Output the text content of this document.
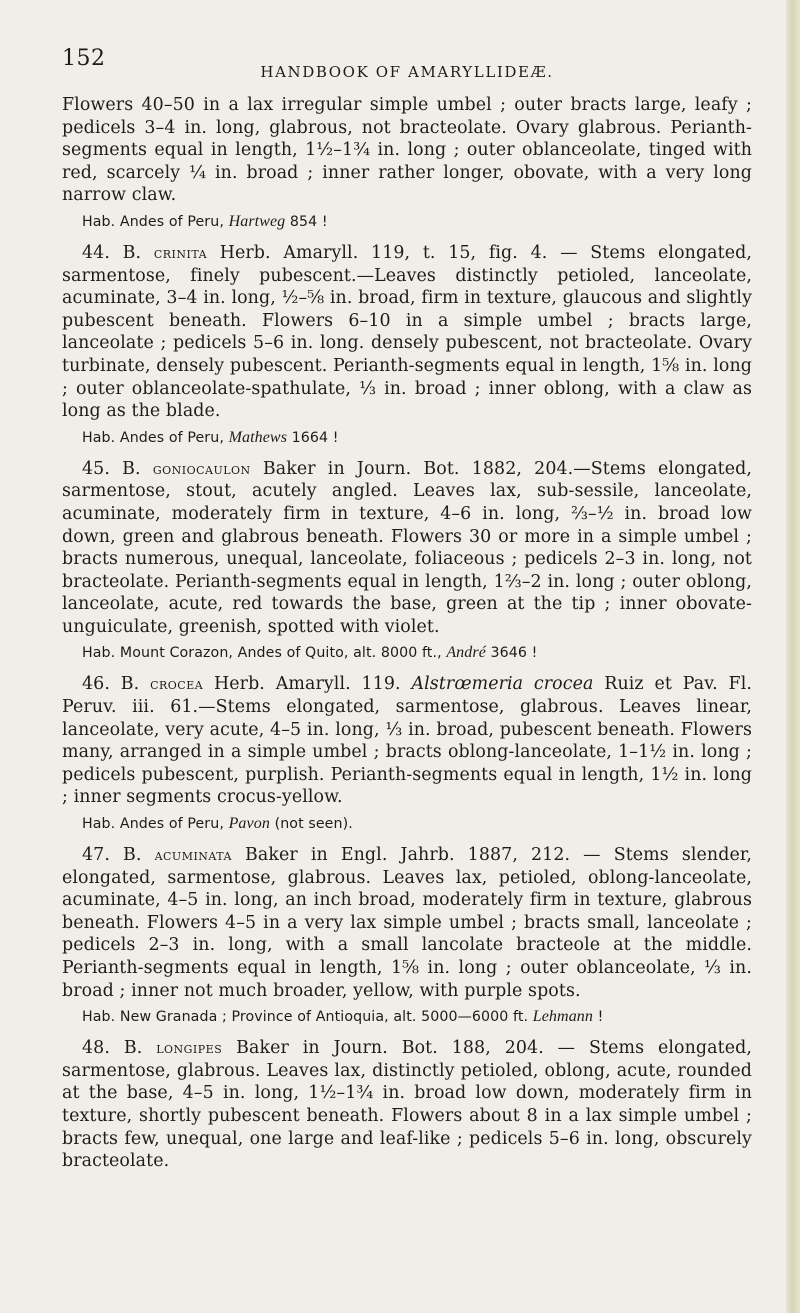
152
HANDBOOK OF AMARYLLIDEÆ.

Flowers 40–50 in a lax irregular simple umbel ; outer bracts large, leafy ; pedicels 3–4 in. long, glabrous, not bracteolate. Ovary glabrous. Perianth-segments equal in length, 1½–1¾ in. long ; outer oblanceolate, tinged with red, scarcely ¼ in. broad ; inner rather longer, obovate, with a very long narrow claw.

Hab. Andes of Peru, Hartweg 854 !

44. B. crinita Herb. Amaryll. 119, t. 15, fig. 4. — Stems elongated, sarmentose, finely pubescent.—Leaves distinctly petioled, lanceolate, acuminate, 3–4 in. long, ½–⅝ in. broad, firm in texture, glaucous and slightly pubescent beneath. Flowers 6–10 in a simple umbel ; bracts large, lanceolate ; pedicels 5–6 in. long. densely pubescent, not bracteolate. Ovary turbinate, densely pubescent. Perianth-segments equal in length, 1⅝ in. long ; outer oblanceolate-spathulate, ⅓ in. broad ; inner oblong, with a claw as long as the blade.

Hab. Andes of Peru, Mathews 1664 !

45. B. goniocaulon Baker in Journ. Bot. 1882, 204.—Stems elongated, sarmentose, stout, acutely angled. Leaves lax, sub-sessile, lanceolate, acuminate, moderately firm in texture, 4–6 in. long, ⅔–½ in. broad low down, green and glabrous beneath. Flowers 30 or more in a simple umbel ; bracts numerous, unequal, lanceolate, foliaceous ; pedicels 2–3 in. long, not bracteolate. Perianth-segments equal in length, 1⅔–2 in. long ; outer oblong, lanceolate, acute, red towards the base, green at the tip ; inner obovate-unguiculate, greenish, spotted with violet.

Hab. Mount Corazon, Andes of Quito, alt. 8000 ft., André 3646 !

46. B. crocea Herb. Amaryll. 119. Alstrœmeria crocea Ruiz et Pav. Fl. Peruv. iii. 61.—Stems elongated, sarmentose, glabrous. Leaves linear, lanceolate, very acute, 4–5 in. long, ⅓ in. broad, pubescent beneath. Flowers many, arranged in a simple umbel ; bracts oblong-lanceolate, 1–1½ in. long ; pedicels pubescent, purplish. Perianth-segments equal in length, 1½ in. long ; inner segments crocus-yellow.

Hab. Andes of Peru, Pavon (not seen).

47. B. acuminata Baker in Engl. Jahrb. 1887, 212. — Stems slender, elongated, sarmentose, glabrous. Leaves lax, petioled, oblong-lanceolate, acuminate, 4–5 in. long, an inch broad, moderately firm in texture, glabrous beneath. Flowers 4–5 in a very lax simple umbel ; bracts small, lanceolate ; pedicels 2–3 in. long, with a small lancolate bracteole at the middle. Perianth-segments equal in length, 1⅝ in. long ; outer oblanceolate, ⅓ in. broad ; inner not much broader, yellow, with purple spots.

Hab. New Granada ; Province of Antioquia, alt. 5000—6000 ft. Lehmann !

48. B. longipes Baker in Journ. Bot. 188, 204. — Stems elongated, sarmentose, glabrous. Leaves lax, distinctly petioled, oblong, acute, rounded at the base, 4–5 in. long, 1½–1¾ in. broad low down, moderately firm in texture, shortly pubescent beneath. Flowers about 8 in a lax simple umbel ; bracts few, unequal, one large and leaf-like ; pedicels 5–6 in. long, obscurely bracteolate.
